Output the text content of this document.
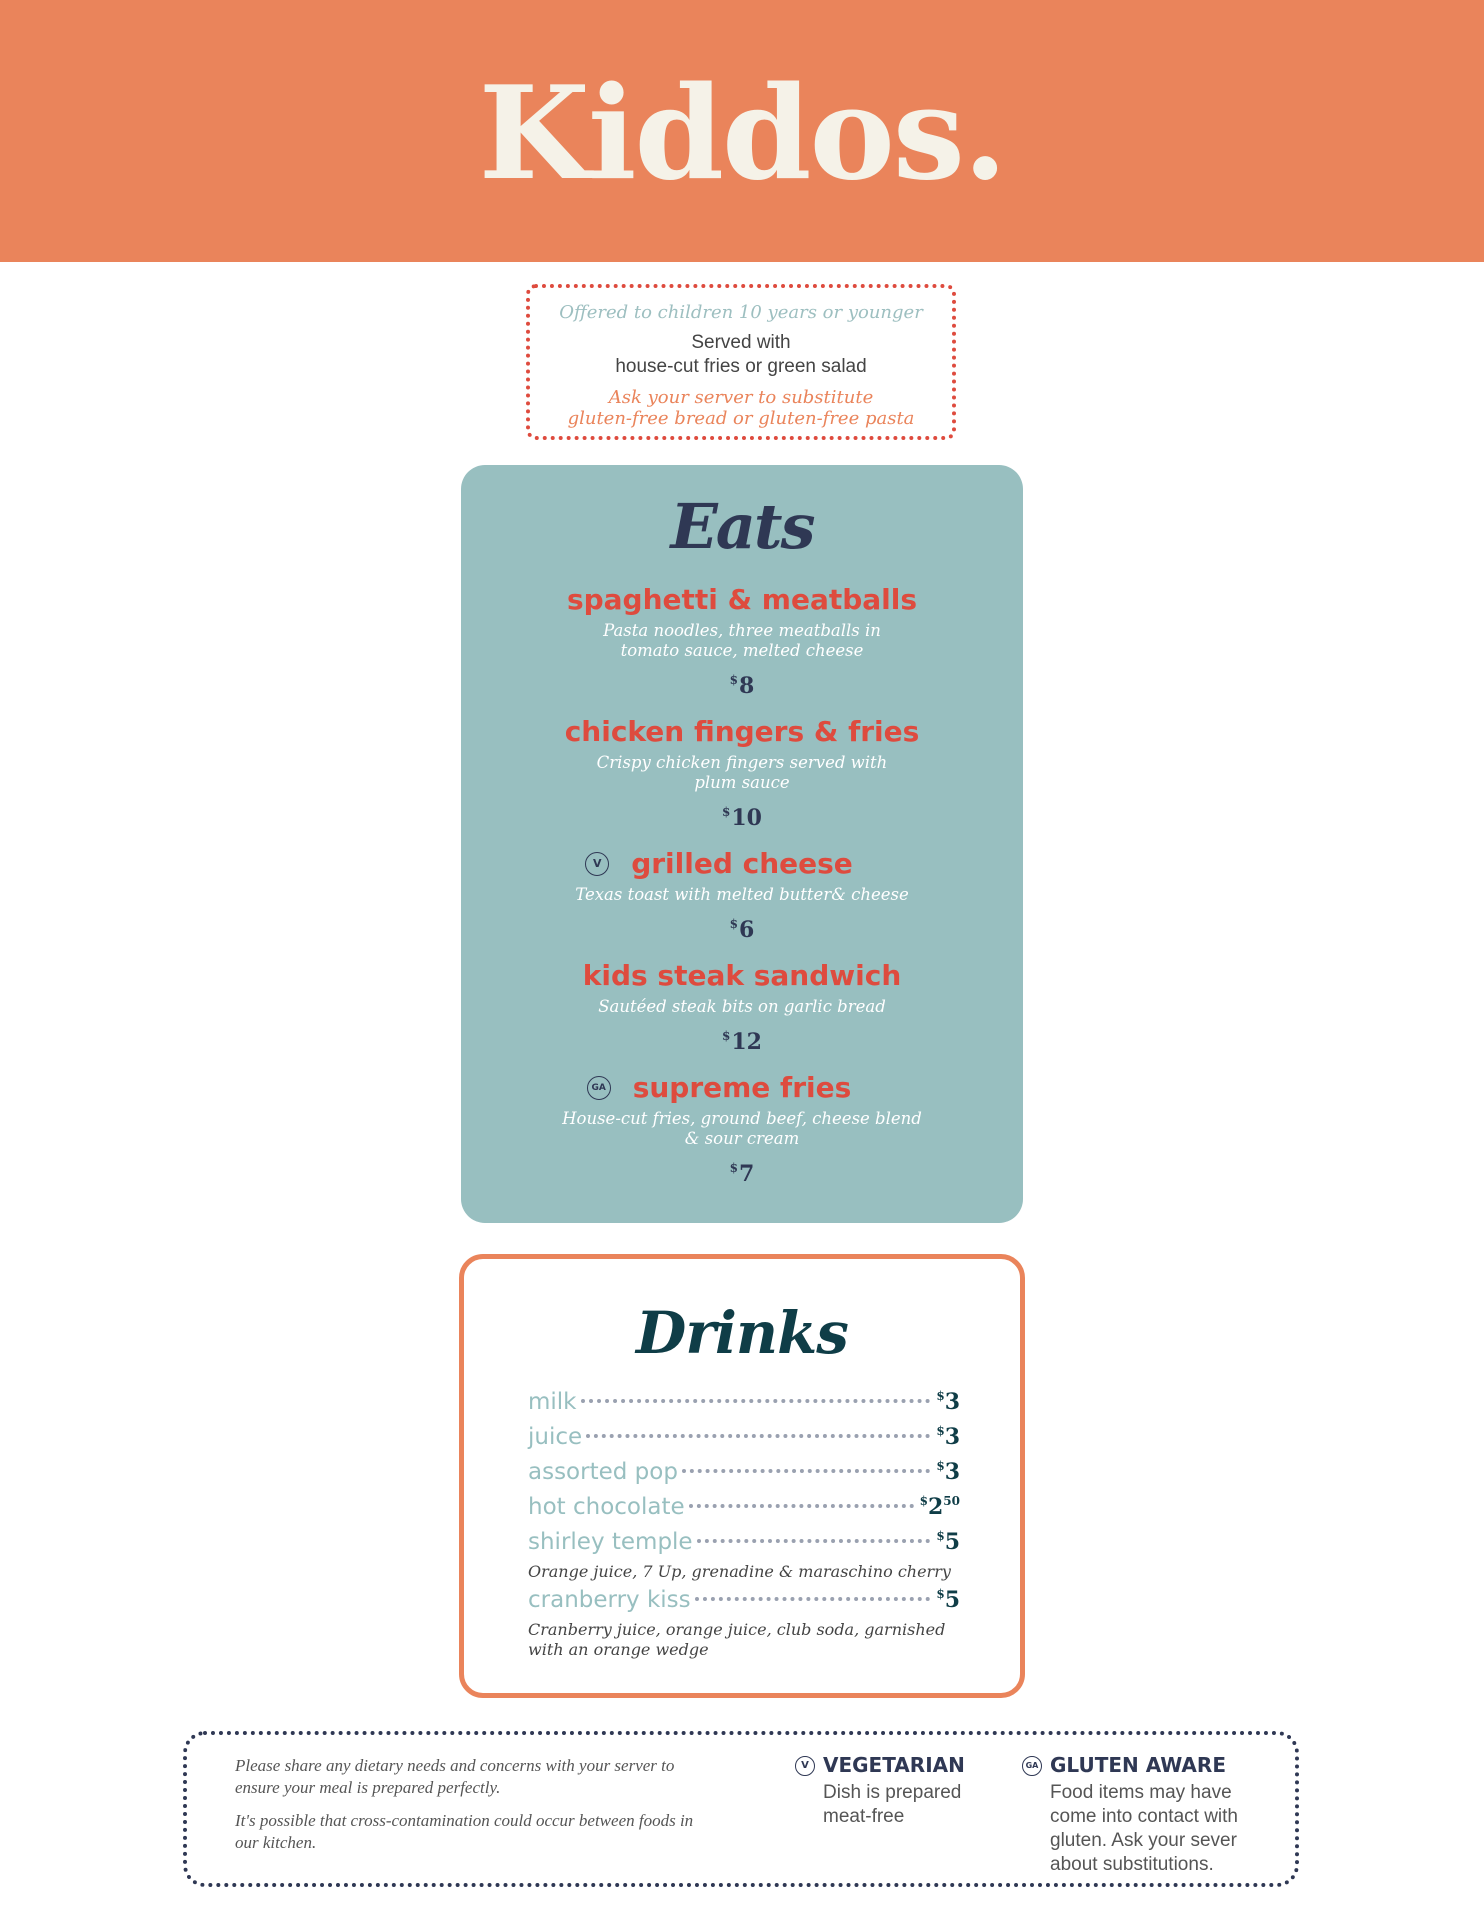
Kiddos.
Offered to children 10 years or younger
Served with
house-cut fries or green salad
Ask your server to substitute
gluten-free bread or gluten-free pasta
Eats
spaghetti & meatballs
Pasta noodles, three meatballs in
tomato sauce, melted cheese
$8
chicken fingers & fries
Crispy chicken fingers served with
plum sauce
$10
V grilled cheese
Texas toast with melted butter& cheese
$6
kids steak sandwich
Sautéed steak bits on garlic bread
$12
GA supreme fries
House-cut fries, ground beef, cheese blend
& sour cream
$7
Drinks
milk	$3
juice	$3
assorted pop	$3
hot chocolate	$^{\$}2^{50}$
shirley temple	$5
Orange juice, 7 Up, grenadine & maraschino cherry
cranberry kiss	$5
Cranberry juice, orange juice, club soda, garnished
with an orange wedge
Please share any dietary needs and concerns with your server to
ensure your meal is prepared perfectly.
It's possible that cross-contamination could occur between foods in
our kitchen.
V VEGETARIAN
Dish is prepared
meat-free
GA GLUTEN AWARE
Food items may have
come into contact with
gluten. Ask your sever
about substitutions.
